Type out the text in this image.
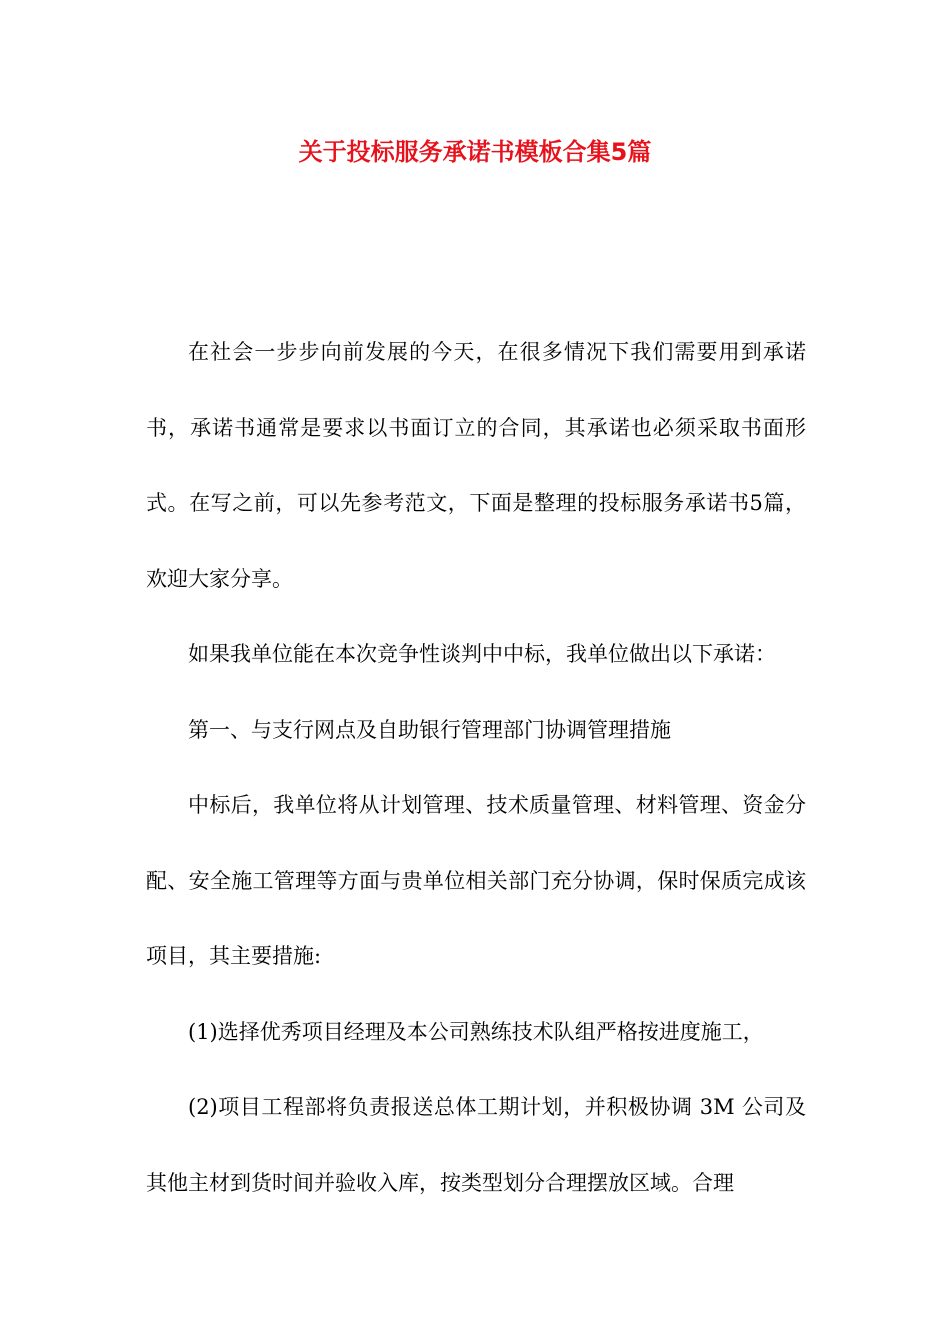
关于投标服务承诺书模板合集5篇

在社会一步步向前发展的今天，在很多情况下我们需要用到承诺书，承诺书通常是要求以书面订立的合同，其承诺也必须采取书面形式。在写之前，可以先参考范文，下面是整理的投标服务承诺书5篇，欢迎大家分享。

如果我单位能在本次竞争性谈判中中标，我单位做出以下承诺：

第一、与支行网点及自助银行管理部门协调管理措施

中标后，我单位将从计划管理、技术质量管理、材料管理、资金分配、安全施工管理等方面与贵单位相关部门充分协调，保时保质完成该项目，其主要措施:

(1)选择优秀项目经理及本公司熟练技术队组严格按进度施工，

(2)项目工程部将负责报送总体工期计划，并积极协调 3M 公司及其他主材到货时间并验收入库，按类型划分合理摆放区域。合理
